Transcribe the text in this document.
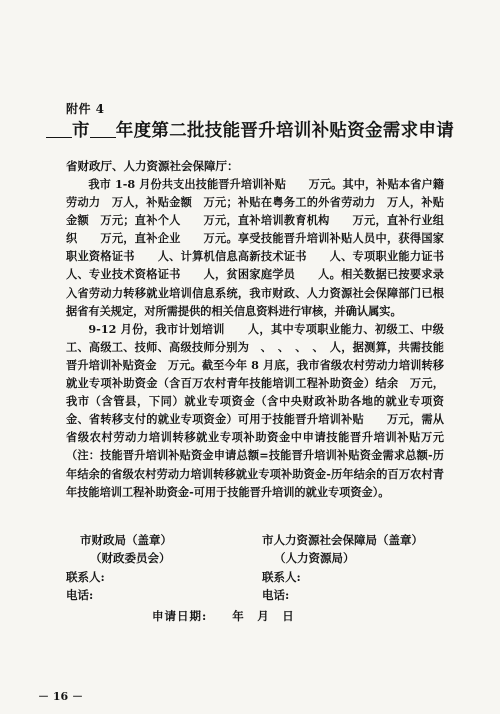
附件 4
市 年度第二批技能晋升培训补贴资金需求申请
省财政厅、人力资源社会保障厅：

我市 1-8 月份共支出技能晋升培训补贴　　万元。其中，补贴本省户籍劳动力　万人，补贴金额　万元；补贴在粤务工的外省劳动力　万人，补贴金额　万元；直补个人　　万元，直补培训教育机构　　万元，直补行业组织　　万元，直补企业　　万元。享受技能晋升培训补贴人员中，获得国家职业资格证书　　人、计算机信息高新技术证书　　人、专项职业能力证书　　人、专业技术资格证书　　人，贫困家庭学员　　人。相关数据已按要求录入省劳动力转移就业培训信息系统，我市财政、人力资源社会保障部门已根据省有关规定，对所需提供的相关信息资料进行审核，并确认属实。

9-12 月份，我市计划培训　　人，其中专项职业能力、初级工、中级工、高级工、技师、高级技师分别为　、　、　、　、　人，据测算，共需技能晋升培训补贴资金　万元。截至今年 8 月底，我市省级农村劳动力培训转移就业专项补助资金（含百万农村青年技能培训工程补助资金）结余　万元，我市（含管县，下同）就业专项资金（含中央财政补助各地的就业专项资金、省转移支付的就业专项资金）可用于技能晋升培训补贴　　万元，需从省级农村劳动力培训转移就业专项补助资金中申请技能晋升培训补贴万元（注：技能晋升培训补贴资金申请总额=技能晋升培训补贴资金需求总额-历年结余的省级农村劳动力培训转移就业专项补助资金-历年结余的百万农村青年技能培训工程补助资金-可用于技能晋升培训的就业专项资金）。

市财政局（盖章）
（财政委员会）
市人力资源社会保障局（盖章）
（人力资源局）
联系人:	联系人:
电话:	电话:
申请日期:　　年　月　日
－ 16 －
